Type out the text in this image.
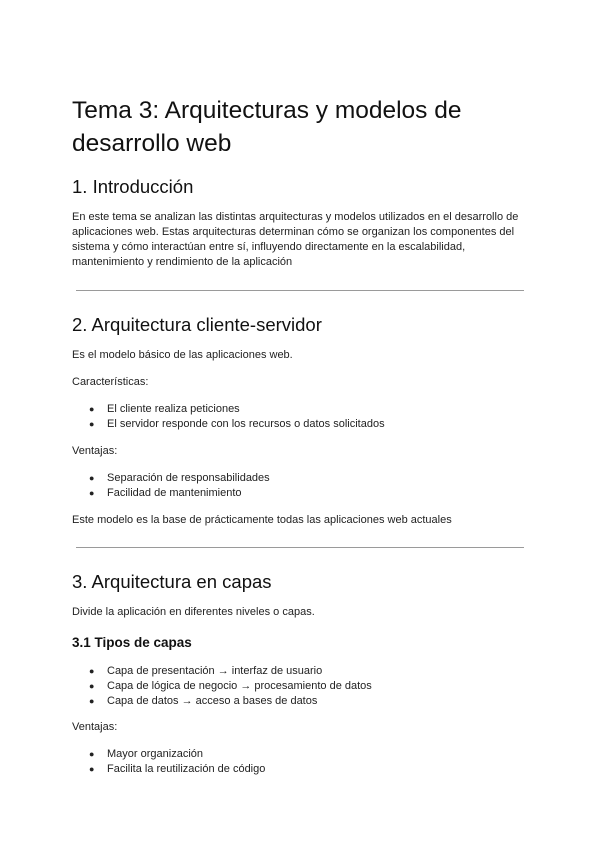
Tema 3: Arquitecturas y modelos de desarrollo web
1. Introducción

En este tema se analizan las distintas arquitecturas y modelos utilizados en el desarrollo de aplicaciones web. Estas arquitecturas determinan cómo se organizan los componentes del sistema y cómo interactúan entre sí, influyendo directamente en la escalabilidad, mantenimiento y rendimiento de la aplicación

2. Arquitectura cliente-servidor

Es el modelo básico de las aplicaciones web.

Características:

● El cliente realiza peticiones
● El servidor responde con los recursos o datos solicitados

Ventajas:

● Separación de responsabilidades
● Facilidad de mantenimiento

Este modelo es la base de prácticamente todas las aplicaciones web actuales

3. Arquitectura en capas

Divide la aplicación en diferentes niveles o capas.

3.1 Tipos de capas
● Capa de presentación → interfaz de usuario
● Capa de lógica de negocio → procesamiento de datos
● Capa de datos → acceso a bases de datos

Ventajas:

● Mayor organización
● Facilita la reutilización de código
